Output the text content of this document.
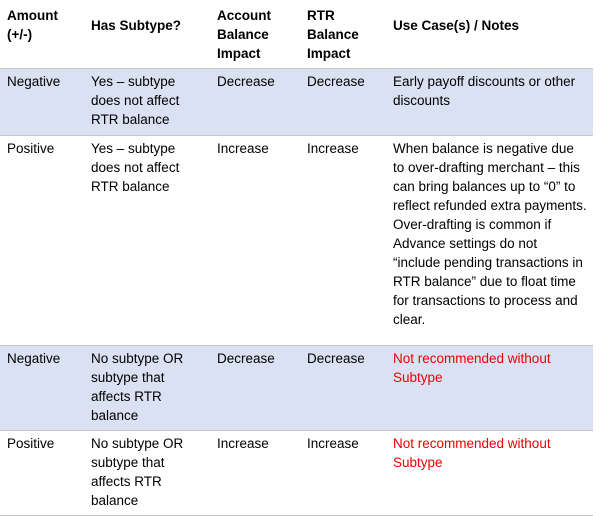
Amount (+/-)	Has Subtype?	Account Balance Impact	RTR Balance Impact	Use Case(s) / Notes
Negative	Yes – subtype does not affect RTR balance	Decrease	Decrease	Early payoff discounts or other discounts
Positive	Yes – subtype does not affect RTR balance	Increase	Increase	When balance is negative due to over-drafting merchant – this can bring balances up to “0” to reflect refunded extra payments. Over-drafting is common if Advance settings do not “include pending transactions in RTR balance” due to float time for transactions to process and clear.
Negative	No subtype OR subtype that affects RTR balance	Decrease	Decrease	Not recommended without Subtype
Positive	No subtype OR subtype that affects RTR balance	Increase	Increase	Not recommended without Subtype
